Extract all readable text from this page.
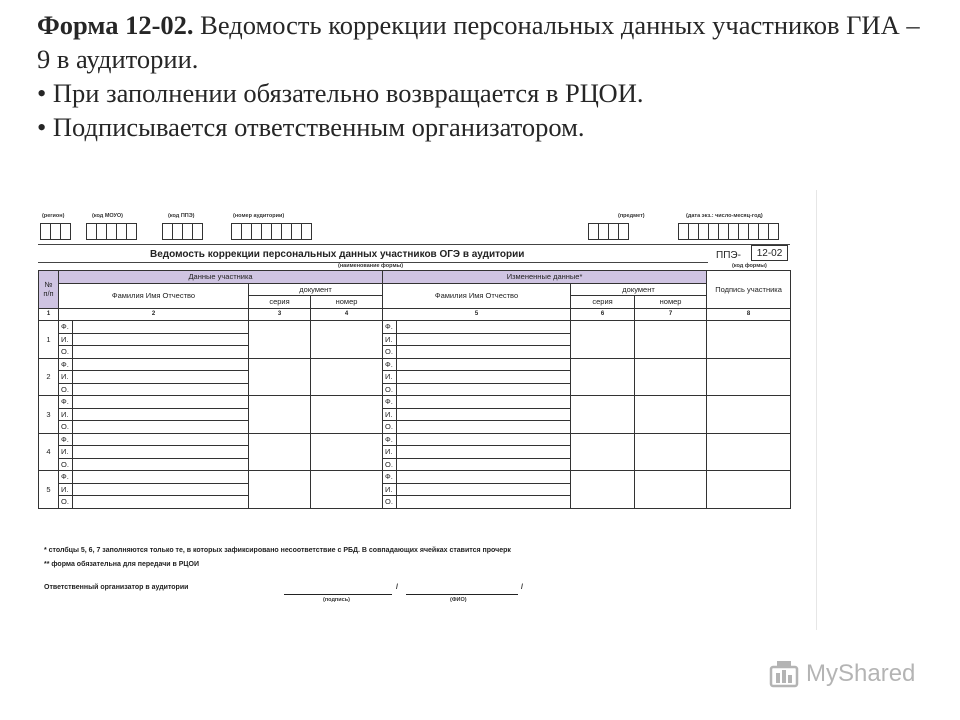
Форма 12-02. Ведомость коррекции персональных данных участников ГИА – 9 в аудитории.

• При заполнении обязательно возвращается в РЦОИ.

• Подписывается ответственным организатором.

(регион)	(код МОУО)	(код ППЭ)	(номер аудитории)	(предмет)	(дата экз.: число-месяц-год)
Ведомость коррекции персональных данных участников ОГЭ в аудитории	ППЭ-	12-02
(наименование формы)	(код формы)
№ п/п	Данные участника				Измененные данные*				Подпись участника
	Фамилия Имя Отчество		документ		Фамилия Имя Отчество		документ		
			серия	номер			серия	номер	
1	2		3	4	5		6	7	8
1	Ф.				Ф.				
	И.				И.				
	О.				О.				
2	Ф.				Ф.				
	И.				И.				
	О.				О.				
3	Ф.				Ф.				
	И.				И.				
	О.				О.				
4	Ф.				Ф.				
	И.				И.				
	О.				О.				
5	Ф.				Ф.				
	И.				И.				
	О.				О.				
* столбцы 5, 6, 7 заполняются только те, в которых зафиксировано несоответствие с РБД. В совпадающих ячейках ставится прочерк
** форма обязательна для передачи в РЦОИ
Ответственный организатор в аудитории	/	/
(подпись)	(ФИО)
MyShared
